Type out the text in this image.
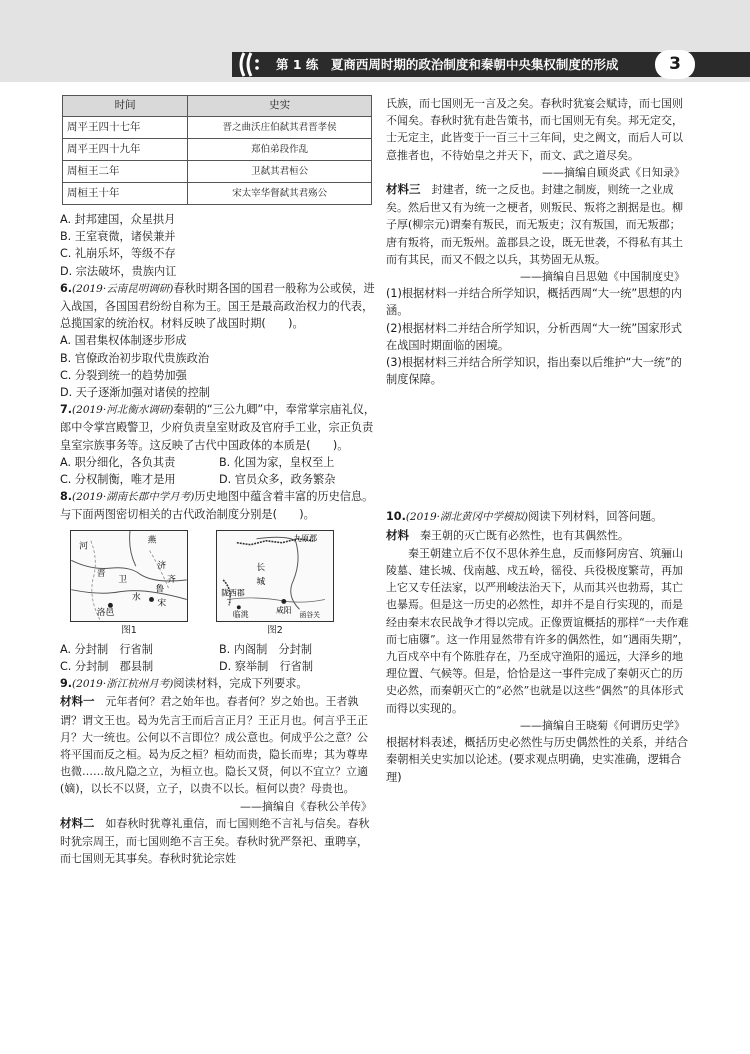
第 1 练　夏商西周时期的政治制度和秦朝中央集权制度的形成	3
时间	史实
周平王四十七年	晋之曲沃庄伯弑其君晋孝侯
周平王四十九年	郑伯弟段作乱
周桓王二年	卫弑其君桓公
周桓王十年	宋太宰华督弑其君殇公

A. 封邦建国，众星拱月

B. 王室衰微，诸侯兼并

C. 礼崩乐坏，等级不存

D. 宗法破坏，贵族内讧

6.(2019·云南昆明调研)春秋时期各国的国君一般称为公或侯，进入战国，各国国君纷纷自称为王。国王是最高政治权力的代表，总揽国家的统治权。材料反映了战国时期(　　)。

A. 国君集权体制逐步形成

B. 官僚政治初步取代贵族政治

C. 分裂到统一的趋势加强

D. 天子逐渐加强对诸侯的控制

7.(2019·河北衡水调研)秦朝的“三公九卿”中，奉常掌宗庙礼仪，郎中令掌宫殿警卫，少府负责皇室财政及官府手工业，宗正负责皇室宗族事务等。这反映了古代中国政体的本质是(　　)。

A. 职分细化，各负其责	B. 化国为家，皇权至上
C. 分权制衡，唯才是用	D. 官员众多，政务繁杂

8.(2019·湖南长郡中学月考)历史地图中蕴含着丰富的历史信息。与下面两图密切相关的古代政治制度分别是(　　)。

燕
河
济
卫	齐
鲁
宋
洛邑
水
晋
图1
九原郡
长
陇西郡
临洮	咸阳 函谷关
城
图2
A. 分封制　行省制	B. 内阁制　分封制
C. 分封制　郡县制	D. 察举制　行省制

9.(2019·浙江杭州月考)阅读材料，完成下列要求。

材料一　 元年者何？君之始年也。春者何？岁之始也。王者孰谓？谓文王也。曷为先言王而后言正月？王正月也。何言乎王正月？大一统也。公何以不言即位？成公意也。何成乎公之意？公将平国而反之桓。曷为反之桓？桓幼而贵，隐长而卑；其为尊卑也微……故凡隐之立，为桓立也。隐长又贤，何以不宜立？立適(嫡)，以长不以贤，立子，以贵不以长。桓何以贵？母贵也。

——摘编自《春秋公羊传》

材料二　 如春秋时犹尊礼重信，而七国则绝不言礼与信矣。春秋时犹宗周王，而七国则绝不言王矣。春秋时犹严祭祀、重聘享，而七国则无其事矣。春秋时犹论宗姓

氏族，而七国则无一言及之矣。春秋时犹宴会赋诗，而七国则不闻矣。春秋时犹有赴告策书，而七国则无有矣。邦无定交，士无定主，此皆变于一百三十三年间，史之阙文，而后人可以意推者也，不待始皇之并天下，而文、武之道尽矣。

——摘编自顾炎武《日知录》

材料三　 封建者，统一之反也。封建之制废，则统一之业成矣。然后世又有为统一之梗者，则叛民、叛将之割据是也。柳子厚(柳宗元)谓秦有叛民，而无叛吏；汉有叛国，而无叛郡；唐有叛将，而无叛州。盖郡县之设，既无世袭，不得私有其土而有其民，而又不假之以兵，其势固无从叛。

——摘编自吕思勉《中国制度史》

(1)根据材料一并结合所学知识，概括西周“大一统”思想的内涵。

(2)根据材料二并结合所学知识，分析西周“大一统”国家形式在战国时期面临的困境。

(3)根据材料三并结合所学知识，指出秦以后维护“大一统”的制度保障。

10.(2019·湖北黄冈中学模拟)阅读下列材料，回答问题。

材料　 秦王朝的灭亡既有必然性，也有其偶然性。

秦王朝建立后不仅不思休养生息，反而修阿房宫、筑骊山陵墓、建长城、伐南越、戍五岭，徭役、兵役极度繁苛，再加上它又专任法家，以严刑峻法治天下，从而其兴也勃焉，其亡也暴焉。但是这一历史的必然性，却并不是自行实现的，而是经由秦末农民战争才得以完成。正像贾谊概括的那样“一夫作难而七庙隳”。这一作用显然带有许多的偶然性，如“遇雨失期”，九百戍卒中有个陈胜存在，乃至成守渔阳的遥远，大泽乡的地理位置、气候等。但是，恰恰是这一事件完成了秦朝灭亡的历史必然，而秦朝灭亡的“必然”也就是以这些“偶然”的具体形式而得以实现的。

——摘编自王晓菊《何谓历史学》

根据材料表述，概括历史必然性与历史偶然性的关系，并结合秦朝相关史实加以论述。(要求观点明确，史实准确，逻辑合理)
